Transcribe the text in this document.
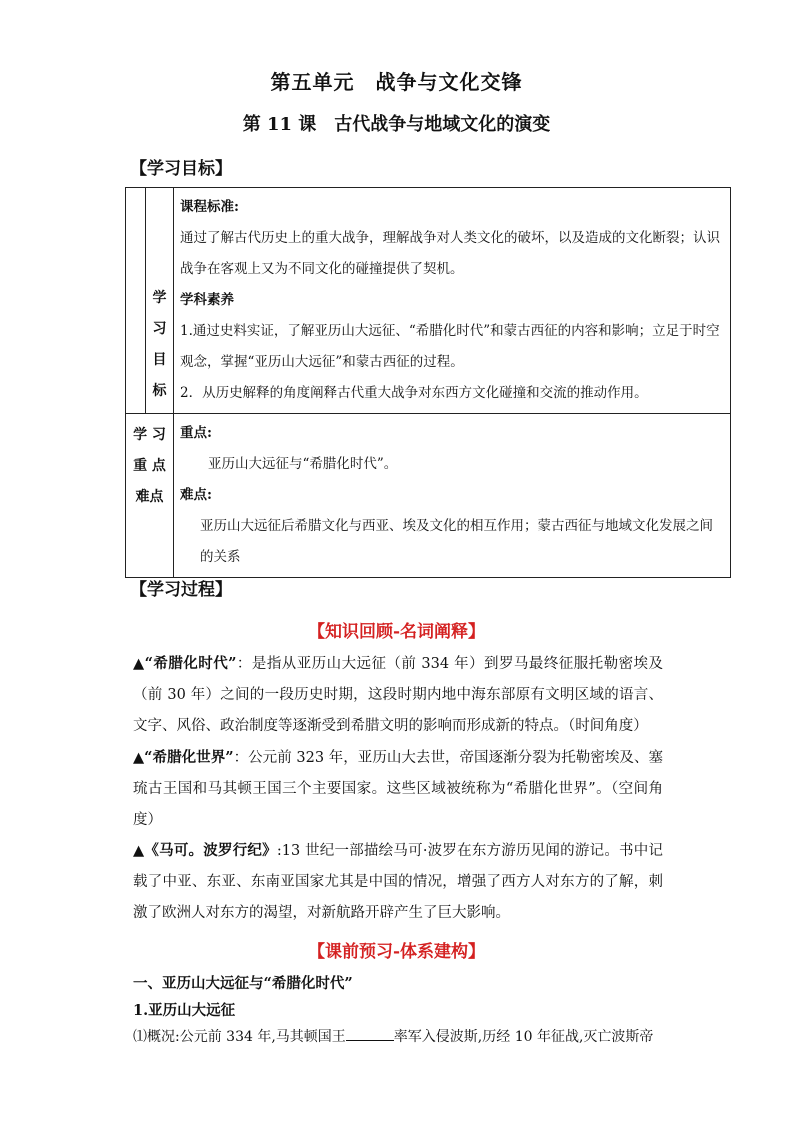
第五单元　战争与文化交锋
第 11 课　古代战争与地域文化的演变
【学习目标】
	学 习 目标	课程标准:
通过了解古代历史上的重大战争，理解战争对人类文化的破坏，以及造成的文化断裂；认识战争在客观上又为不同文化的碰撞提供了契机。
学科素养
1.通过史料实证，了解亚历山大远征、“希腊化时代”和蒙古西征的内容和影响；立足于时空观念，掌握“亚历山大远征”和蒙古西征的过程。
2．从历史解释的角度阐释古代重大战争对东西方文化碰撞和交流的推动作用。

学 习 重 点 难点		重点:
亚历山大远征与“希腊化时代”。
难点:
亚历山大远征后希腊文化与西亚、埃及文化的相互作用；蒙古西征与地域文化发展之间的关系
【学习过程】
【知识回顾-名词阐释】
▲“希腊化时代”：是指从亚历山大远征（前 334 年）到罗马最终征服托勒密埃及（前 30 年）之间的一段历史时期，这段时期内地中海东部原有文明区域的语言、文字、风俗、政治制度等逐渐受到希腊文明的影响而形成新的特点。（时间角度）
▲“希腊化世界”：公元前 323 年，亚历山大去世，帝国逐渐分裂为托勒密埃及、塞琉古王国和马其顿王国三个主要国家。这些区域被统称为“希腊化世界”。（空间角度）
▲《马可。波罗行纪》:13 世纪一部描绘马可·波罗在东方游历见闻的游记。书中记载了中亚、东亚、东南亚国家尤其是中国的情况，增强了西方人对东方的了解，刺激了欧洲人对东方的渴望，对新航路开辟产生了巨大影响。
【课前预习-体系建构】
一、亚历山大远征与“希腊化时代”
1.亚历山大远征
⑴概况:公元前 334 年,马其顿国王	率军入侵波斯,历经 10 年征战,灭亡波斯帝
